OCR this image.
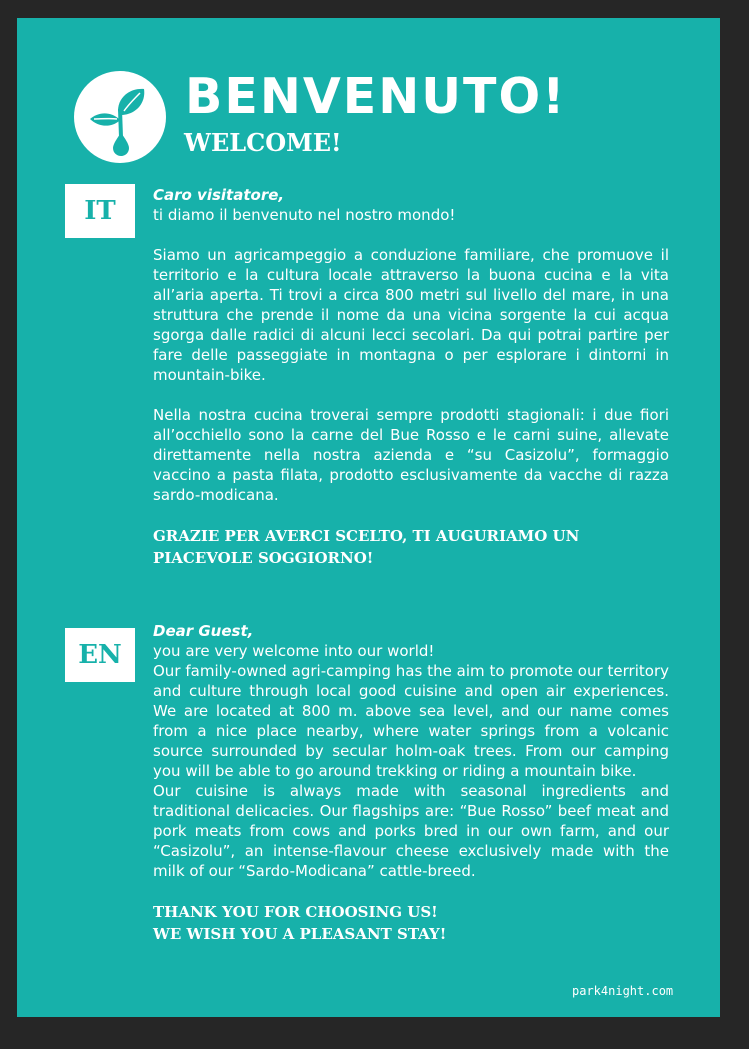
BENVENUTO!
WELCOME!
IT

Caro visitatore,

ti diamo il benvenuto nel nostro mondo!

Siamo un agricampeggio a conduzione familiare, che promuove il territorio e la cultura locale attraverso la buona cucina e la vita all’aria aperta. Ti trovi a circa 800 metri sul livello del mare, in una struttura che prende il nome da una vicina sorgente la cui acqua sgorga dalle radici di alcuni lecci secolari. Da qui potrai partire per fare delle passeggiate in montagna o per esplorare i dintorni in mountain-bike.

Nella nostra cucina troverai sempre prodotti stagionali: i due fiori all’occhiello sono la carne del Bue Rosso e le carni suine, allevate direttamente nella nostra azienda e “su Casizolu”, formaggio vaccino a pasta filata, prodotto esclusivamente da vacche di razza sardo-modicana.

GRAZIE PER AVERCI SCELTO, TI AUGURIAMO UN PIACEVOLE SOGGIORNO!

EN

Dear Guest,

you are very welcome into our world!

Our family-owned agri-camping has the aim to promote our territory and culture through local good cuisine and open air experiences. We are located at 800 m. above sea level, and our name comes from a nice place nearby, where water springs from a volcanic source surrounded by secular holm-oak trees. From our camping you will be able to go around trekking or riding a mountain bike.

Our cuisine is always made with seasonal ingredients and traditional delicacies. Our flagships are: “Bue Rosso” beef meat and pork meats from cows and porks bred in our own farm, and our “Casizolu”, an intense-flavour cheese exclusively made with the milk of our “Sardo-Modicana” cattle-breed.

THANK YOU FOR CHOOSING US!

WE WISH YOU A PLEASANT STAY!

park4night.com
